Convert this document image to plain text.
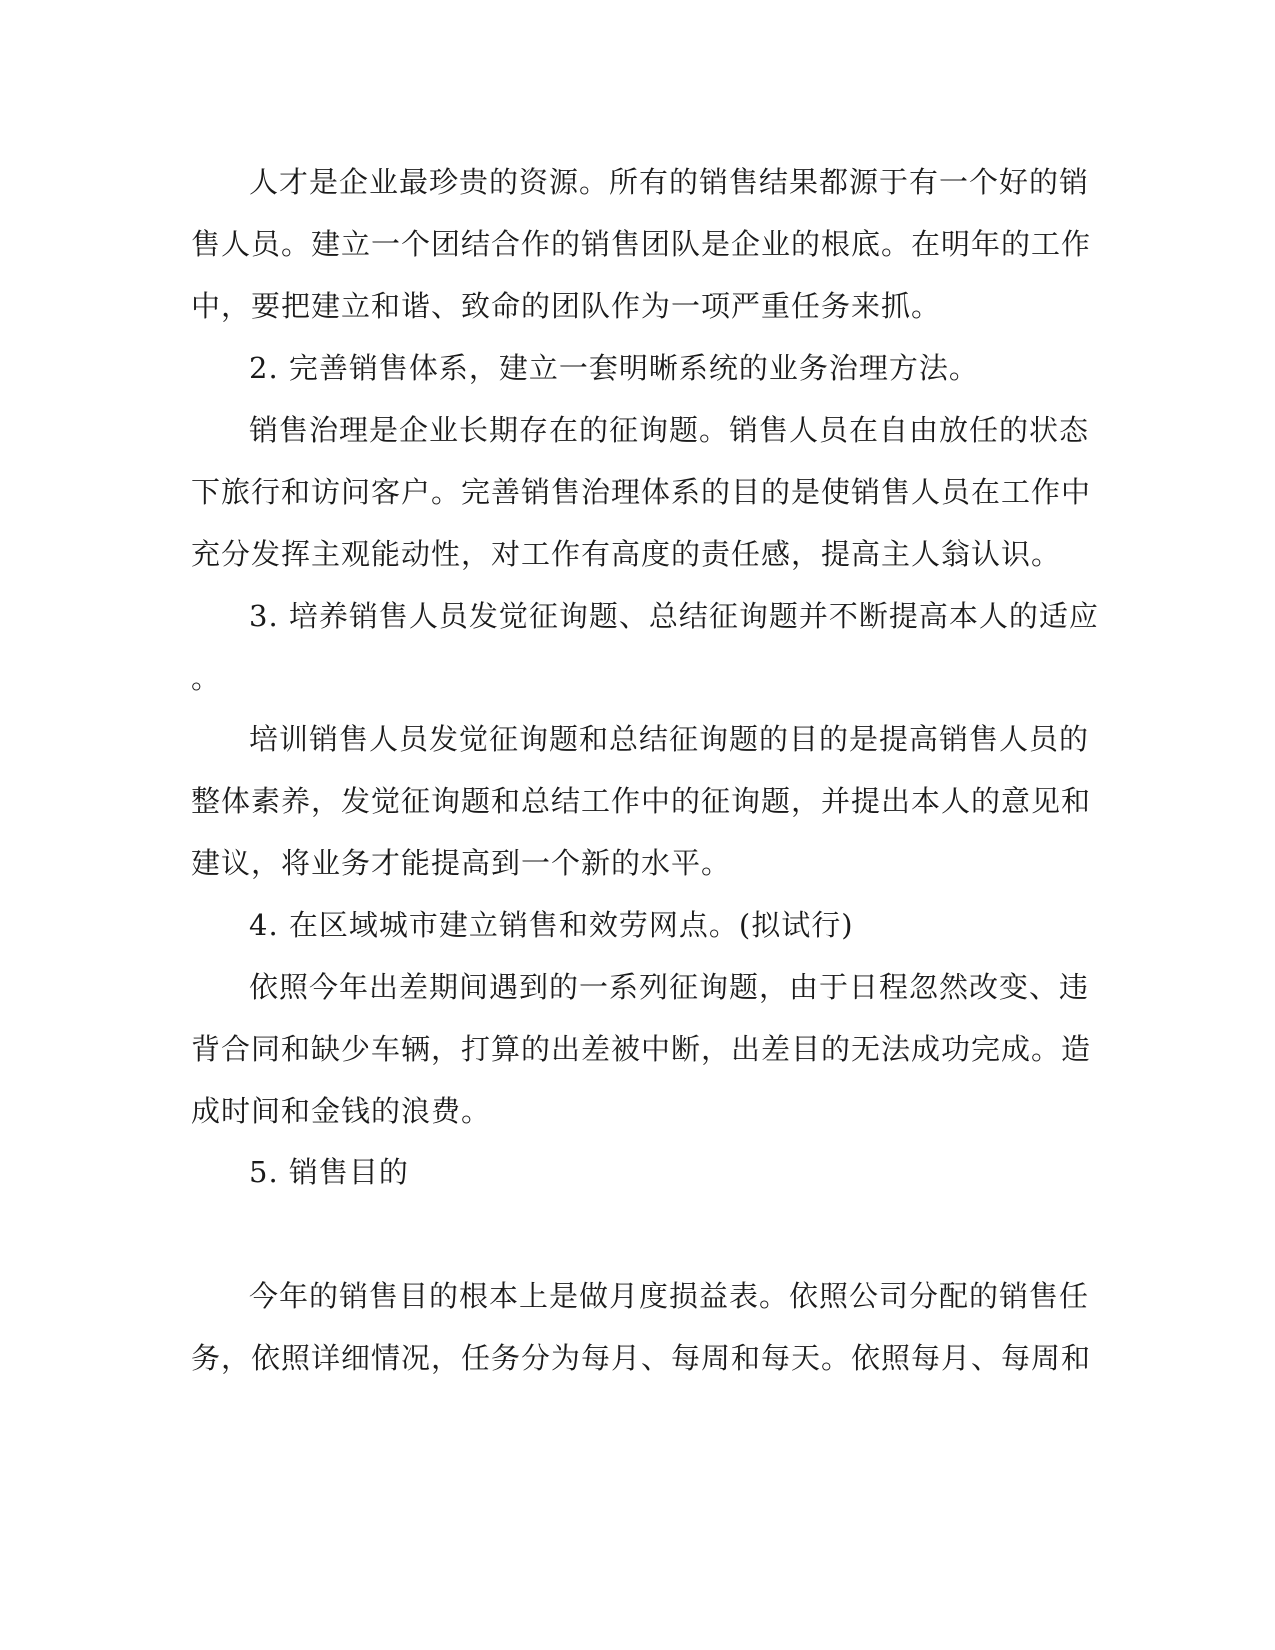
人才是企业最珍贵的资源。所有的销售结果都源于有一个好的销
售人员。建立一个团结合作的销售团队是企业的根底。在明年的工作
中，要把建立和谐、致命的团队作为一项严重任务来抓。
2. 完善销售体系，建立一套明晰系统的业务治理方法。
销售治理是企业长期存在的征询题。销售人员在自由放任的状态
下旅行和访问客户。完善销售治理体系的目的是使销售人员在工作中
充分发挥主观能动性，对工作有高度的责任感，提高主人翁认识。
3. 培养销售人员发觉征询题、总结征询题并不断提高本人的适应
。
培训销售人员发觉征询题和总结征询题的目的是提高销售人员的
整体素养，发觉征询题和总结工作中的征询题，并提出本人的意见和
建议，将业务才能提高到一个新的水平。
4. 在区域城市建立销售和效劳网点。(拟试行)
依照今年出差期间遇到的一系列征询题，由于日程忽然改变、违
背合同和缺少车辆，打算的出差被中断，出差目的无法成功完成。造
成时间和金钱的浪费。
5. 销售目的
今年的销售目的根本上是做月度损益表。依照公司分配的销售任
务，依照详细情况，任务分为每月、每周和每天。依照每月、每周和
